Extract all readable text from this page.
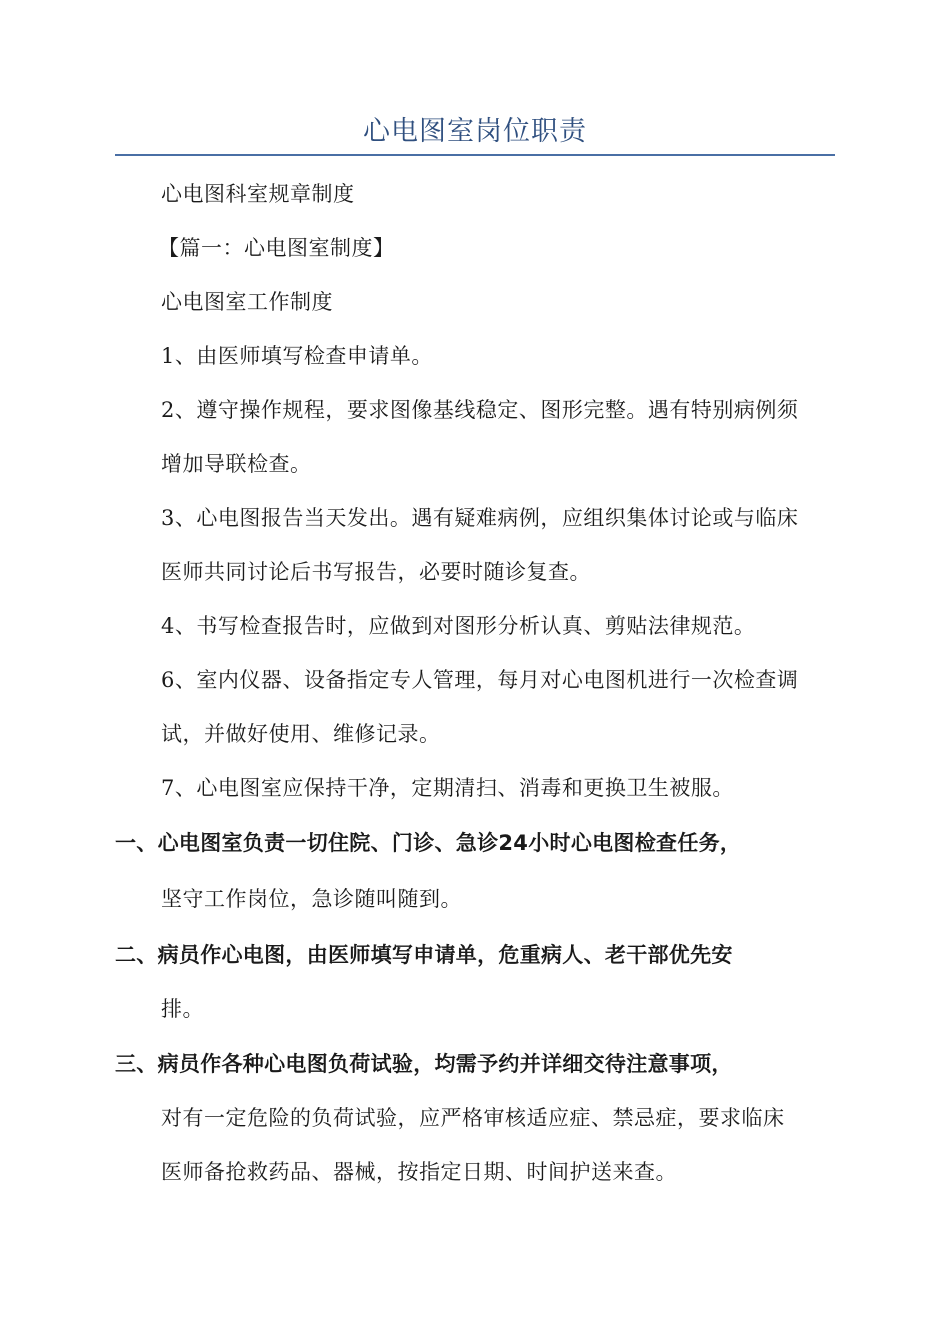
心电图室岗位职责
心电图科室规章制度
【篇一：心电图室制度】
心电图室工作制度
1、由医师填写检查申请单。
2、遵守操作规程，要求图像基线稳定、图形完整。遇有特别病例须
增加导联检查。
3、心电图报告当天发出。遇有疑难病例，应组织集体讨论或与临床
医师共同讨论后书写报告，必要时随诊复查。
4、书写检查报告时，应做到对图形分析认真、剪贴法律规范。
6、室内仪器、设备指定专人管理，每月对心电图机进行一次检查调
试，并做好使用、维修记录。
7、心电图室应保持干净，定期清扫、消毒和更换卫生被服。
一、心电图室负责一切住院、门诊、急诊24小时心电图检查任务，
坚守工作岗位，急诊随叫随到。
二、病员作心电图，由医师填写申请单，危重病人、老干部优先安
排。
三、病员作各种心电图负荷试验，均需予约并详细交待注意事项，
对有一定危险的负荷试验，应严格审核适应症、禁忌症，要求临床
医师备抢救药品、器械，按指定日期、时间护送来查。
